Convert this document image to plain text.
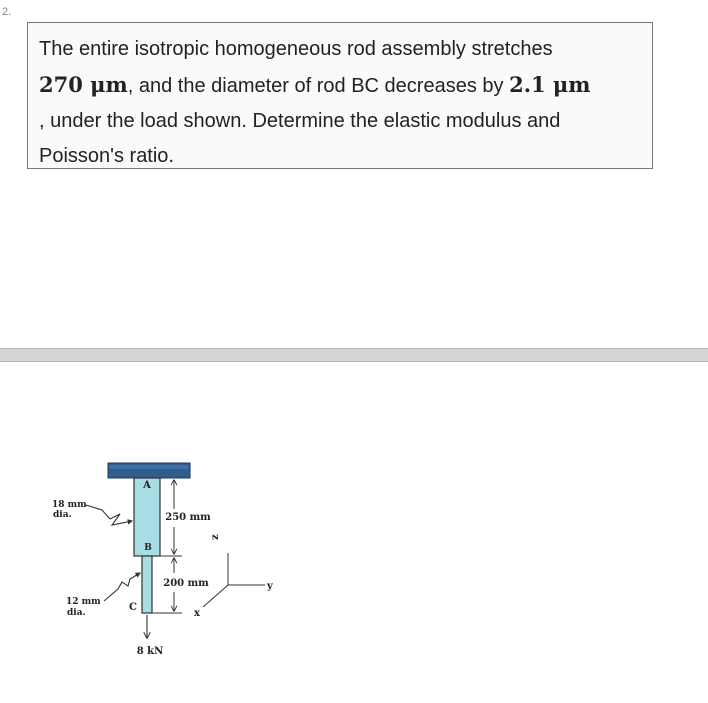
2.

The entire isotropic homogeneous rod assembly stretches
270 μm, and the diameter of rod BC decreases by 2.1 μm
, under the load shown. Determine the elastic modulus and Poisson's ratio.

A
B
C
250 mm
200 mm
18 mm
dia.
12 mm
dia.
8 kN
z
y
x
